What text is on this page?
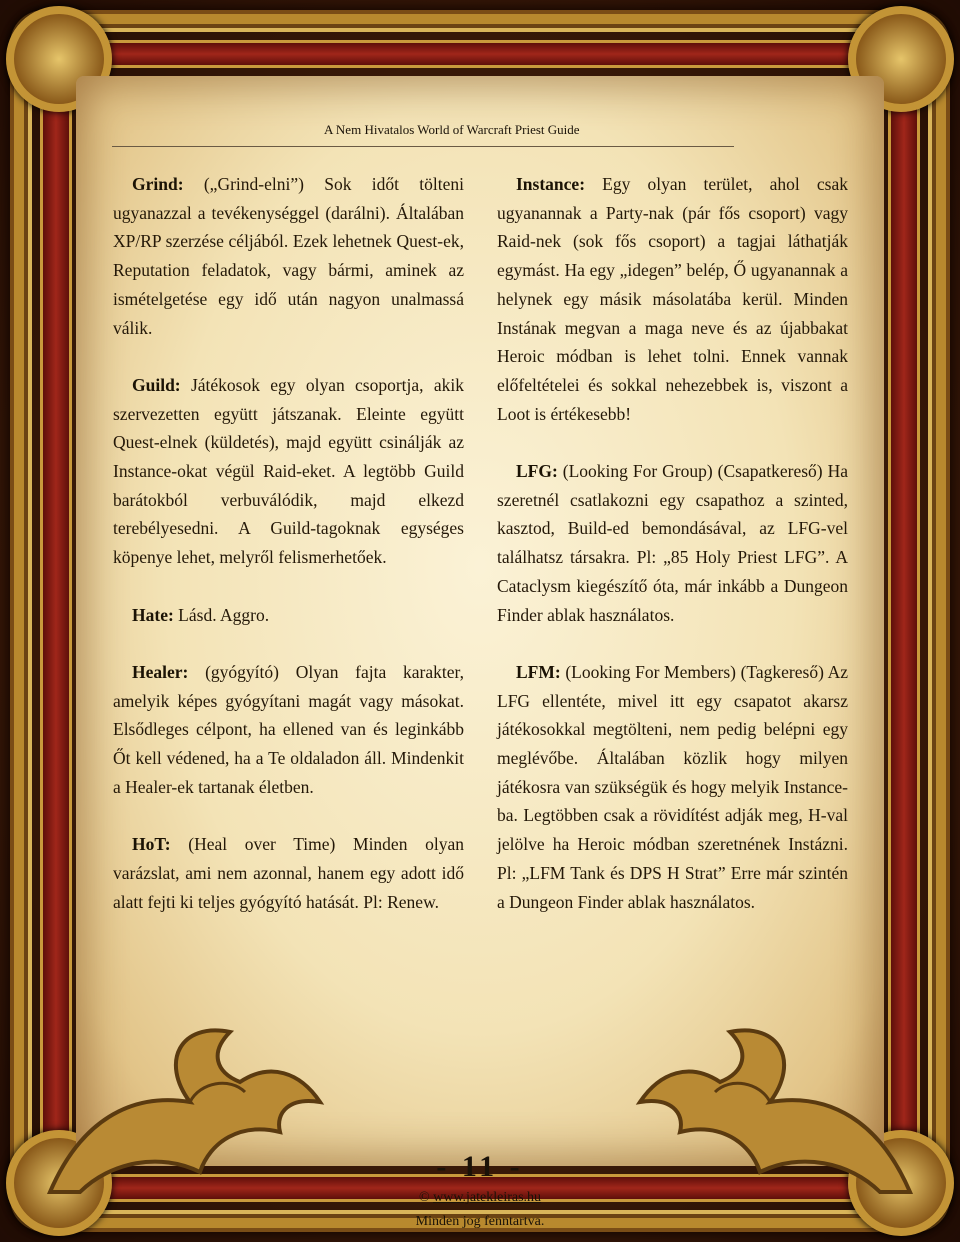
A Nem Hivatalos World of Warcraft Priest Guide

Grind: („Grind-elni”) Sok időt tölteni ugyanazzal a tevékenységgel (darálni). Általában XP/RP szerzése céljából. Ezek lehetnek Quest-ek, Reputation feladatok, vagy bármi, aminek az ismételgetése egy idő után nagyon unalmassá válik.

Guild: Játékosok egy olyan csoportja, akik szervezetten együtt játszanak. Eleinte együtt Quest-elnek (küldetés), majd együtt csinálják az Instance-okat végül Raid-eket. A legtöbb Guild barátokból verbuválódik, majd elkezd terebélyesedni. A Guild-tagoknak egységes köpenye lehet, melyről felismerhetőek.

Hate: Lásd. Aggro.

Healer: (gyógyító) Olyan fajta karakter, amelyik képes gyógyítani magát vagy másokat. Elsődleges célpont, ha ellened van és leginkább Őt kell védened, ha a Te oldaladon áll. Mindenkit a Healer-ek tartanak életben.

HoT: (Heal over Time) Minden olyan varázslat, ami nem azonnal, hanem egy adott idő alatt fejti ki teljes gyógyító hatását. Pl: Renew.

Instance: Egy olyan terület, ahol csak ugyanannak a Party-nak (pár fős csoport) vagy Raid-nek (sok fős csoport) a tagjai láthatják egymást. Ha egy „idegen” belép, Ő ugyanannak a helynek egy másik másolatába kerül. Minden Instának megvan a maga neve és az újabbakat Heroic módban is lehet tolni. Ennek vannak előfeltételei és sokkal nehezebbek is, viszont a Loot is értékesebb!

LFG: (Looking For Group) (Csapatkereső) Ha szeretnél csatlakozni egy csapathoz a szinted, kasztod, Build-ed bemondásával, az LFG-vel találhatsz társakra. Pl: „85 Holy Priest LFG”. A Cataclysm kiegészítő óta, már inkább a Dungeon Finder ablak használatos.

LFM: (Looking For Members) (Tagkereső) Az LFG ellentéte, mivel itt egy csapatot akarsz játékosokkal megtölteni, nem pedig belépni egy meglévőbe. Általában közlik hogy milyen játékosra van szükségük és hogy melyik Instance-ba. Legtöbben csak a rövidítést adják meg, H-val jelölve ha Heroic módban szeretnének Instázni. Pl: „LFM Tank és DPS H Strat” Erre már szintén a Dungeon Finder ablak használatos.

- 11 -
© www.jatekleiras.hu
Minden jog fenntartva.
